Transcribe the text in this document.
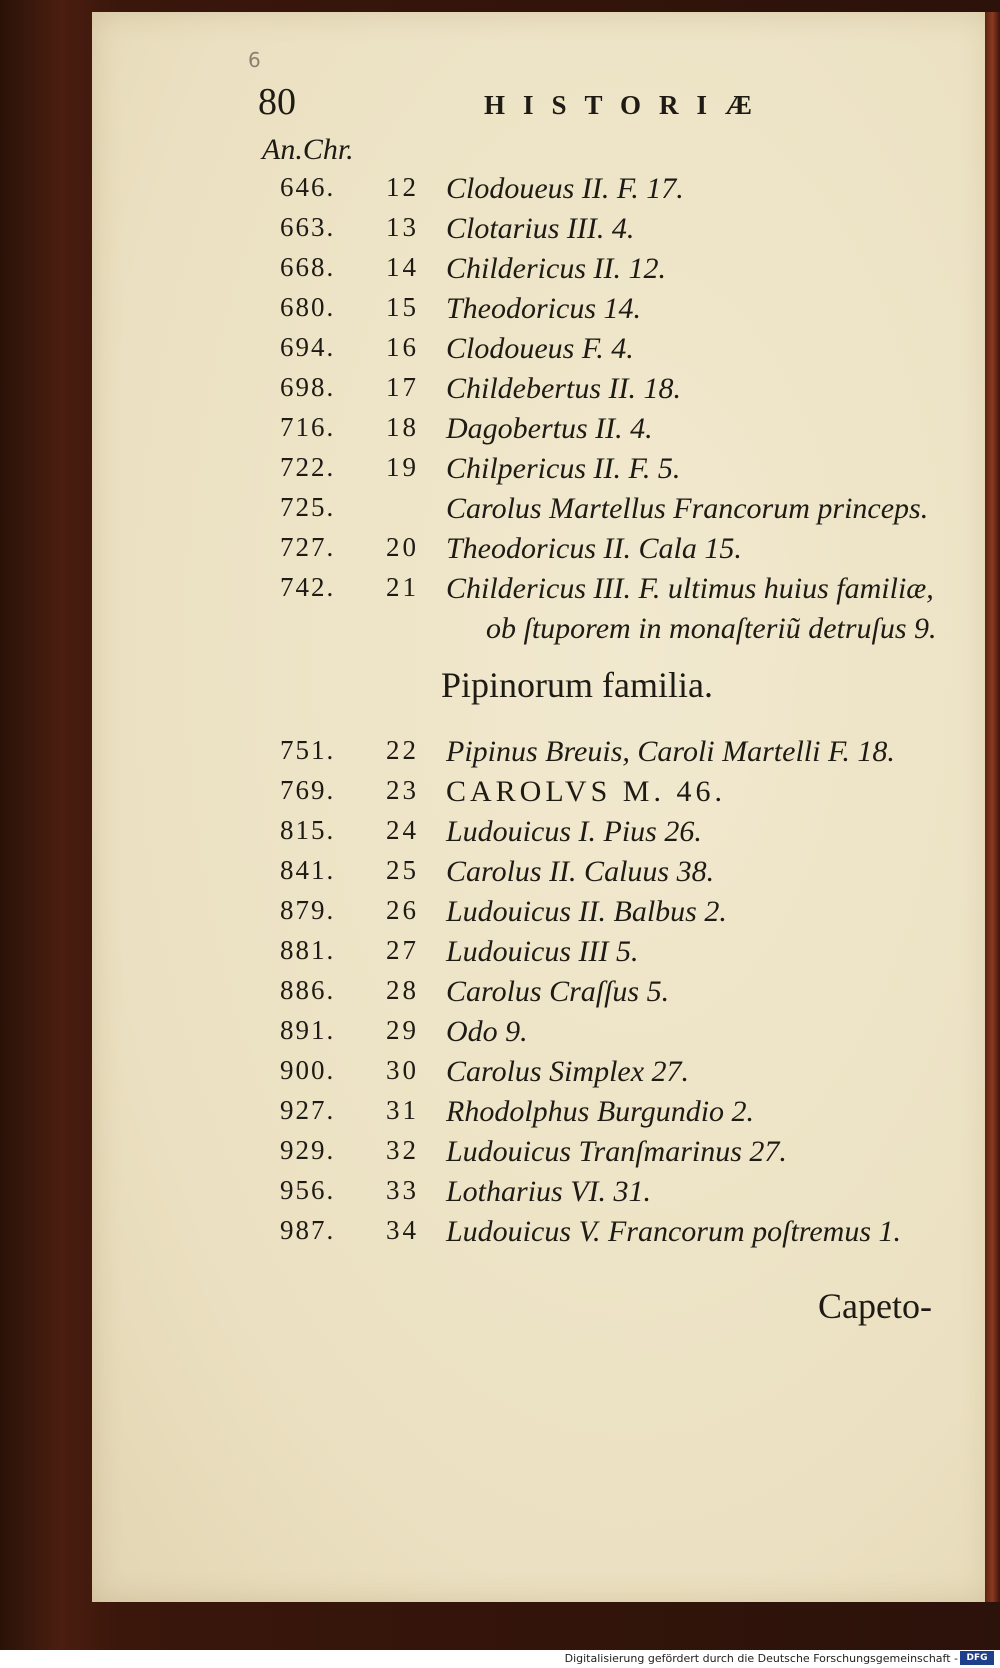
6
80	HISTORIÆ
An.Chr.
646. 12 Clodoueus II. F. 17.
663. 13 Clotarius III. 4.
668. 14 Childericus II. 12.
680. 15 Theodoricus 14.
694. 16 Clodoueus F. 4.
698. 17 Childebertus II. 18.
716. 18 Dagobertus II. 4.
722. 19 Chilpericus II. F. 5.
725.	Carolus Martellus Francorum princeps.
727. 20 Theodoricus II. Cala 15.
742. 21 Childericus III. F. ultimus huius familiæ,
ob ſtuporem in monaſteriũ detruſus 9.
Pipinorum familia.
751. 22 Pipinus Breuis, Caroli Martelli F. 18.
769. 23 CAROLVS M. 46.
815. 24 Ludouicus I. Pius 26.
841. 25 Carolus II. Caluus 38.
879. 26 Ludouicus II. Balbus 2.
881. 27 Ludouicus III 5.
886. 28 Carolus Craſſus 5.
891. 29 Odo 9.
900. 30 Carolus Simplex 27.
927. 31 Rhodolphus Burgundio 2.
929. 32 Ludouicus Tranſmarinus 27.
956. 33 Lotharius VI. 31.
987. 34 Ludouicus V. Francorum poſtremus 1.
Capeto-
Digitalisierung gefördert durch die Deutsche Forschungsgemeinschaft - DFG
